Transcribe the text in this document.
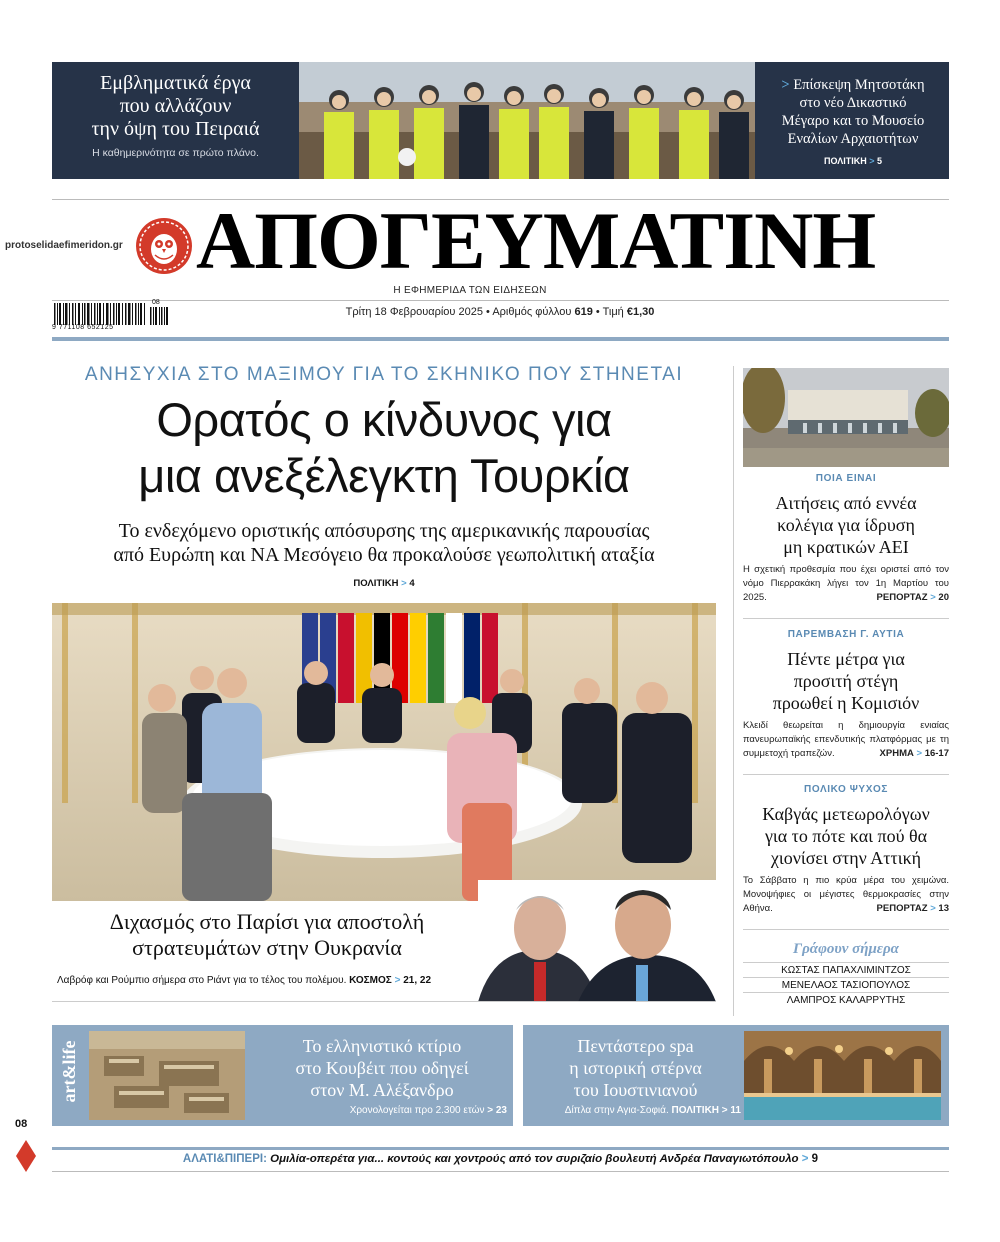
Εμβληματικά έργα
που αλλάζουν
την όψη του Πειραιά
Η καθημερινότητα σε πρώτο πλάνο.
> Επίσκεψη Μητσοτάκη
στο νέο Δικαστικό
Μέγαρο και το Μουσείο
Εναλίων Αρχαιοτήτων
ΠΟΛΙΤΙΚΗ > 5
protoselidaefimeridon.gr ΑΠΟΓΕΥΜΑΤΙΝΗ
Η ΕΦΗΜΕΡΙΔΑ ΤΩΝ ΕΙΔΗΣΕΩΝ
9 771108 652125
08
Τρίτη 18 Φεβρουαρίου 2025 • Αριθμός φύλλου 619 • Τιμή €1,30
ΑΝΗΣΥΧΙΑ ΣΤΟ ΜΑΞΙΜΟΥ ΓΙΑ ΤΟ ΣΚΗΝΙΚΟ ΠΟΥ ΣΤΗΝΕΤΑΙ
Ορατός ο κίνδυνος για
μια ανεξέλεγκτη Τουρκία
Το ενδεχόμενο οριστικής απόσυρσης της αμερικανικής παρουσίας
από Ευρώπη και ΝΑ Μεσόγειο θα προκαλούσε γεωπολιτική αταξία
ΠΟΛΙΤΙΚΗ > 4
Διχασμός στο Παρίσι για αποστολή
στρατευμάτων στην Ουκρανία
Λαβρόφ και Ρούμπιο σήμερα στο Ριάντ για το τέλος του πολέμου. ΚΟΣΜΟΣ > 21, 22
ΠΟΙΑ ΕΙΝΑΙ
Αιτήσεις από εννέα
κολέγια για ίδρυση
μη κρατικών ΑΕΙ
Η σχετική προθεσμία που έχει οριστεί από τον νόμο Πιερρακάκη λήγει τον 1η Μαρτίου του 2025.	ΡΕΠΟΡΤΑΖ > 20
ΠΑΡΕΜΒΑΣΗ Γ. ΑΥΤΙΑ
Πέντε μέτρα για
προσιτή στέγη
προωθεί η Κομισιόν
Κλειδί θεωρείται η δημιουργία ενιαίας πανευρωπαϊκής επενδυτικής πλατφόρμας με τη συμμετοχή τραπεζών.	ΧΡΗΜΑ > 16-17
ΠΟΛΙΚΟ ΨΥΧΟΣ
Καβγάς μετεωρολόγων
για το πότε και πού θα
χιονίσει στην Αττική
Το Σάββατο η πιο κρύα μέρα του χειμώνα. Μονοψήφιες οι μέγιστες θερμοκρασίες στην Αθήνα.	ΡΕΠΟΡΤΑΖ > 13
Γράφουν σήμερα
ΚΩΣΤΑΣ ΠΑΠΑΧΛΙΜΙΝΤΖΟΣ
ΜΕΝΕΛΑΟΣ ΤΑΣΙΟΠΟΥΛΟΣ
ΛΑΜΠΡΟΣ ΚΑΛΑΡΡΥΤΗΣ
art&life	Το ελληνιστικό κτίριο
στο Κουβέιτ που οδηγεί
στον Μ. Αλέξανδρο
Χρονολογείται προ 2.300 ετών > 23
Πεντάστερο spa
η ιστορική στέρνα
του Ιουστινιανού
Δίπλα στην Αγια-Σοφιά. ΠΟΛΙΤΙΚΗ > 11
08
ΑΛΑΤΙ&ΠΙΠΕΡΙ: Ομιλία-οπερέτα για... κοντούς και χοντρούς από τον συριζαίο βουλευτή Ανδρέα Παναγιωτόπουλο > 9
